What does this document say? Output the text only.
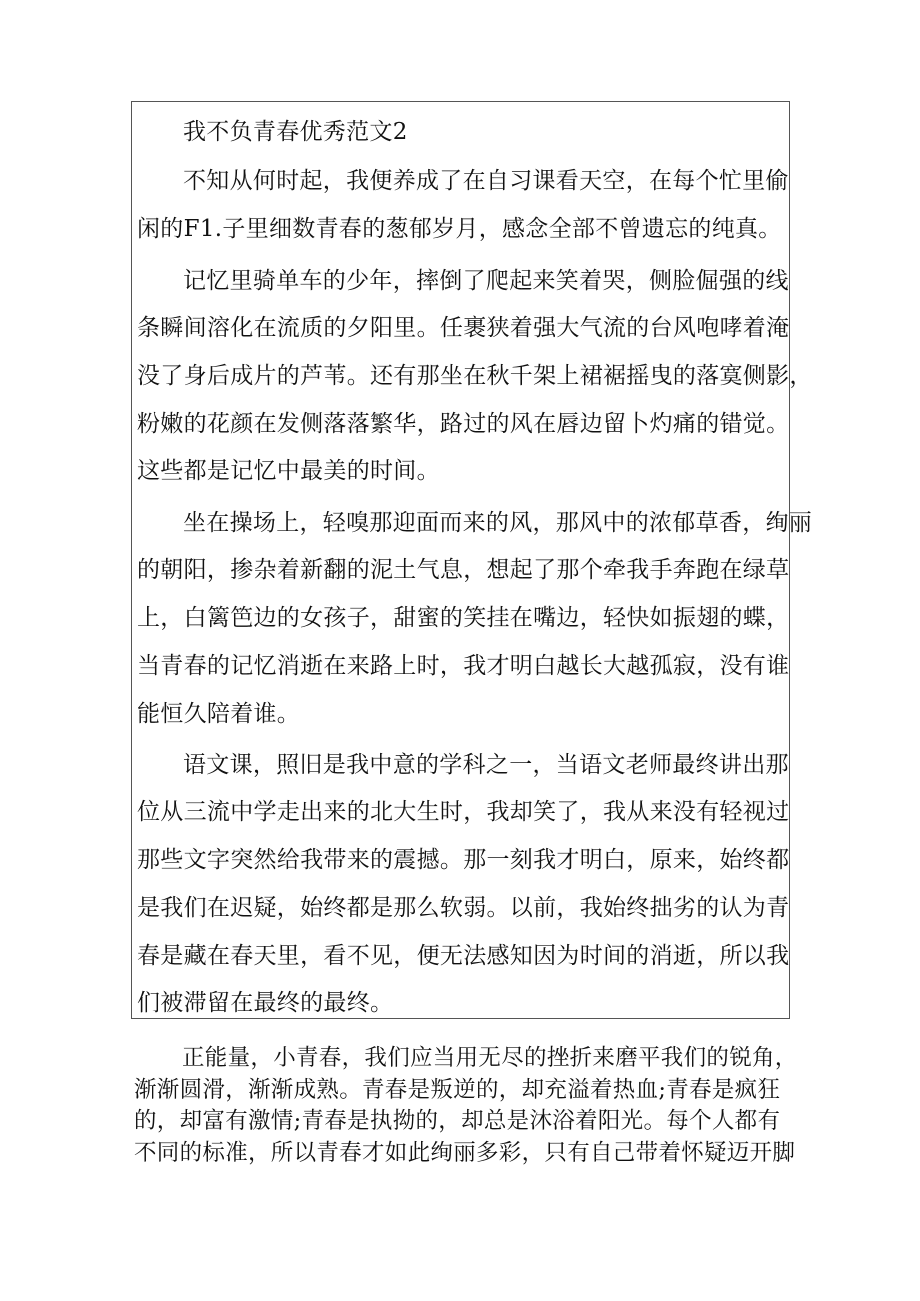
我不负青春优秀范文2
不知从何时起，我便养成了在自习课看天空，在每个忙里偷
闲的F1.子里细数青春的葱郁岁月，感念全部不曾遗忘的纯真。
记忆里骑单车的少年，摔倒了爬起来笑着哭，侧脸倔强的线
条瞬间溶化在流质的夕阳里。任裹狭着强大气流的台风咆哮着淹
没了身后成片的芦苇。还有那坐在秋千架上裙裾摇曳的落寞侧影，
粉嫩的花颜在发侧落落繁华，路过的风在唇边留卜灼痛的错觉。
这些都是记忆中最美的时间。
坐在操场上，轻嗅那迎面而来的风，那风中的浓郁草香，绚丽
的朝阳，掺杂着新翻的泥土气息，想起了那个牵我手奔跑在绿草
上，白篱笆边的女孩子，甜蜜的笑挂在嘴边，轻快如振翅的蝶，
当青春的记忆消逝在来路上时，我才明白越长大越孤寂，没有谁
能恒久陪着谁。
语文课，照旧是我中意的学科之一，当语文老师最终讲出那
位从三流中学走出来的北大生时，我却笑了，我从来没有轻视过
那些文字突然给我带来的震撼。那一刻我才明白，原来，始终都
是我们在迟疑，始终都是那么软弱。以前，我始终拙劣的认为青
春是藏在春天里，看不见，便无法感知因为时间的消逝，所以我
们被滞留在最终的最终。
正能量，小青春，我们应当用无尽的挫折来磨平我们的锐角，
渐渐圆滑，渐渐成熟。青春是叛逆的，却充溢着热血;青春是疯狂
的，却富有激情;青春是执拗的，却总是沐浴着阳光。每个人都有
不同的标准，所以青春才如此绚丽多彩，只有自己带着怀疑迈开脚
